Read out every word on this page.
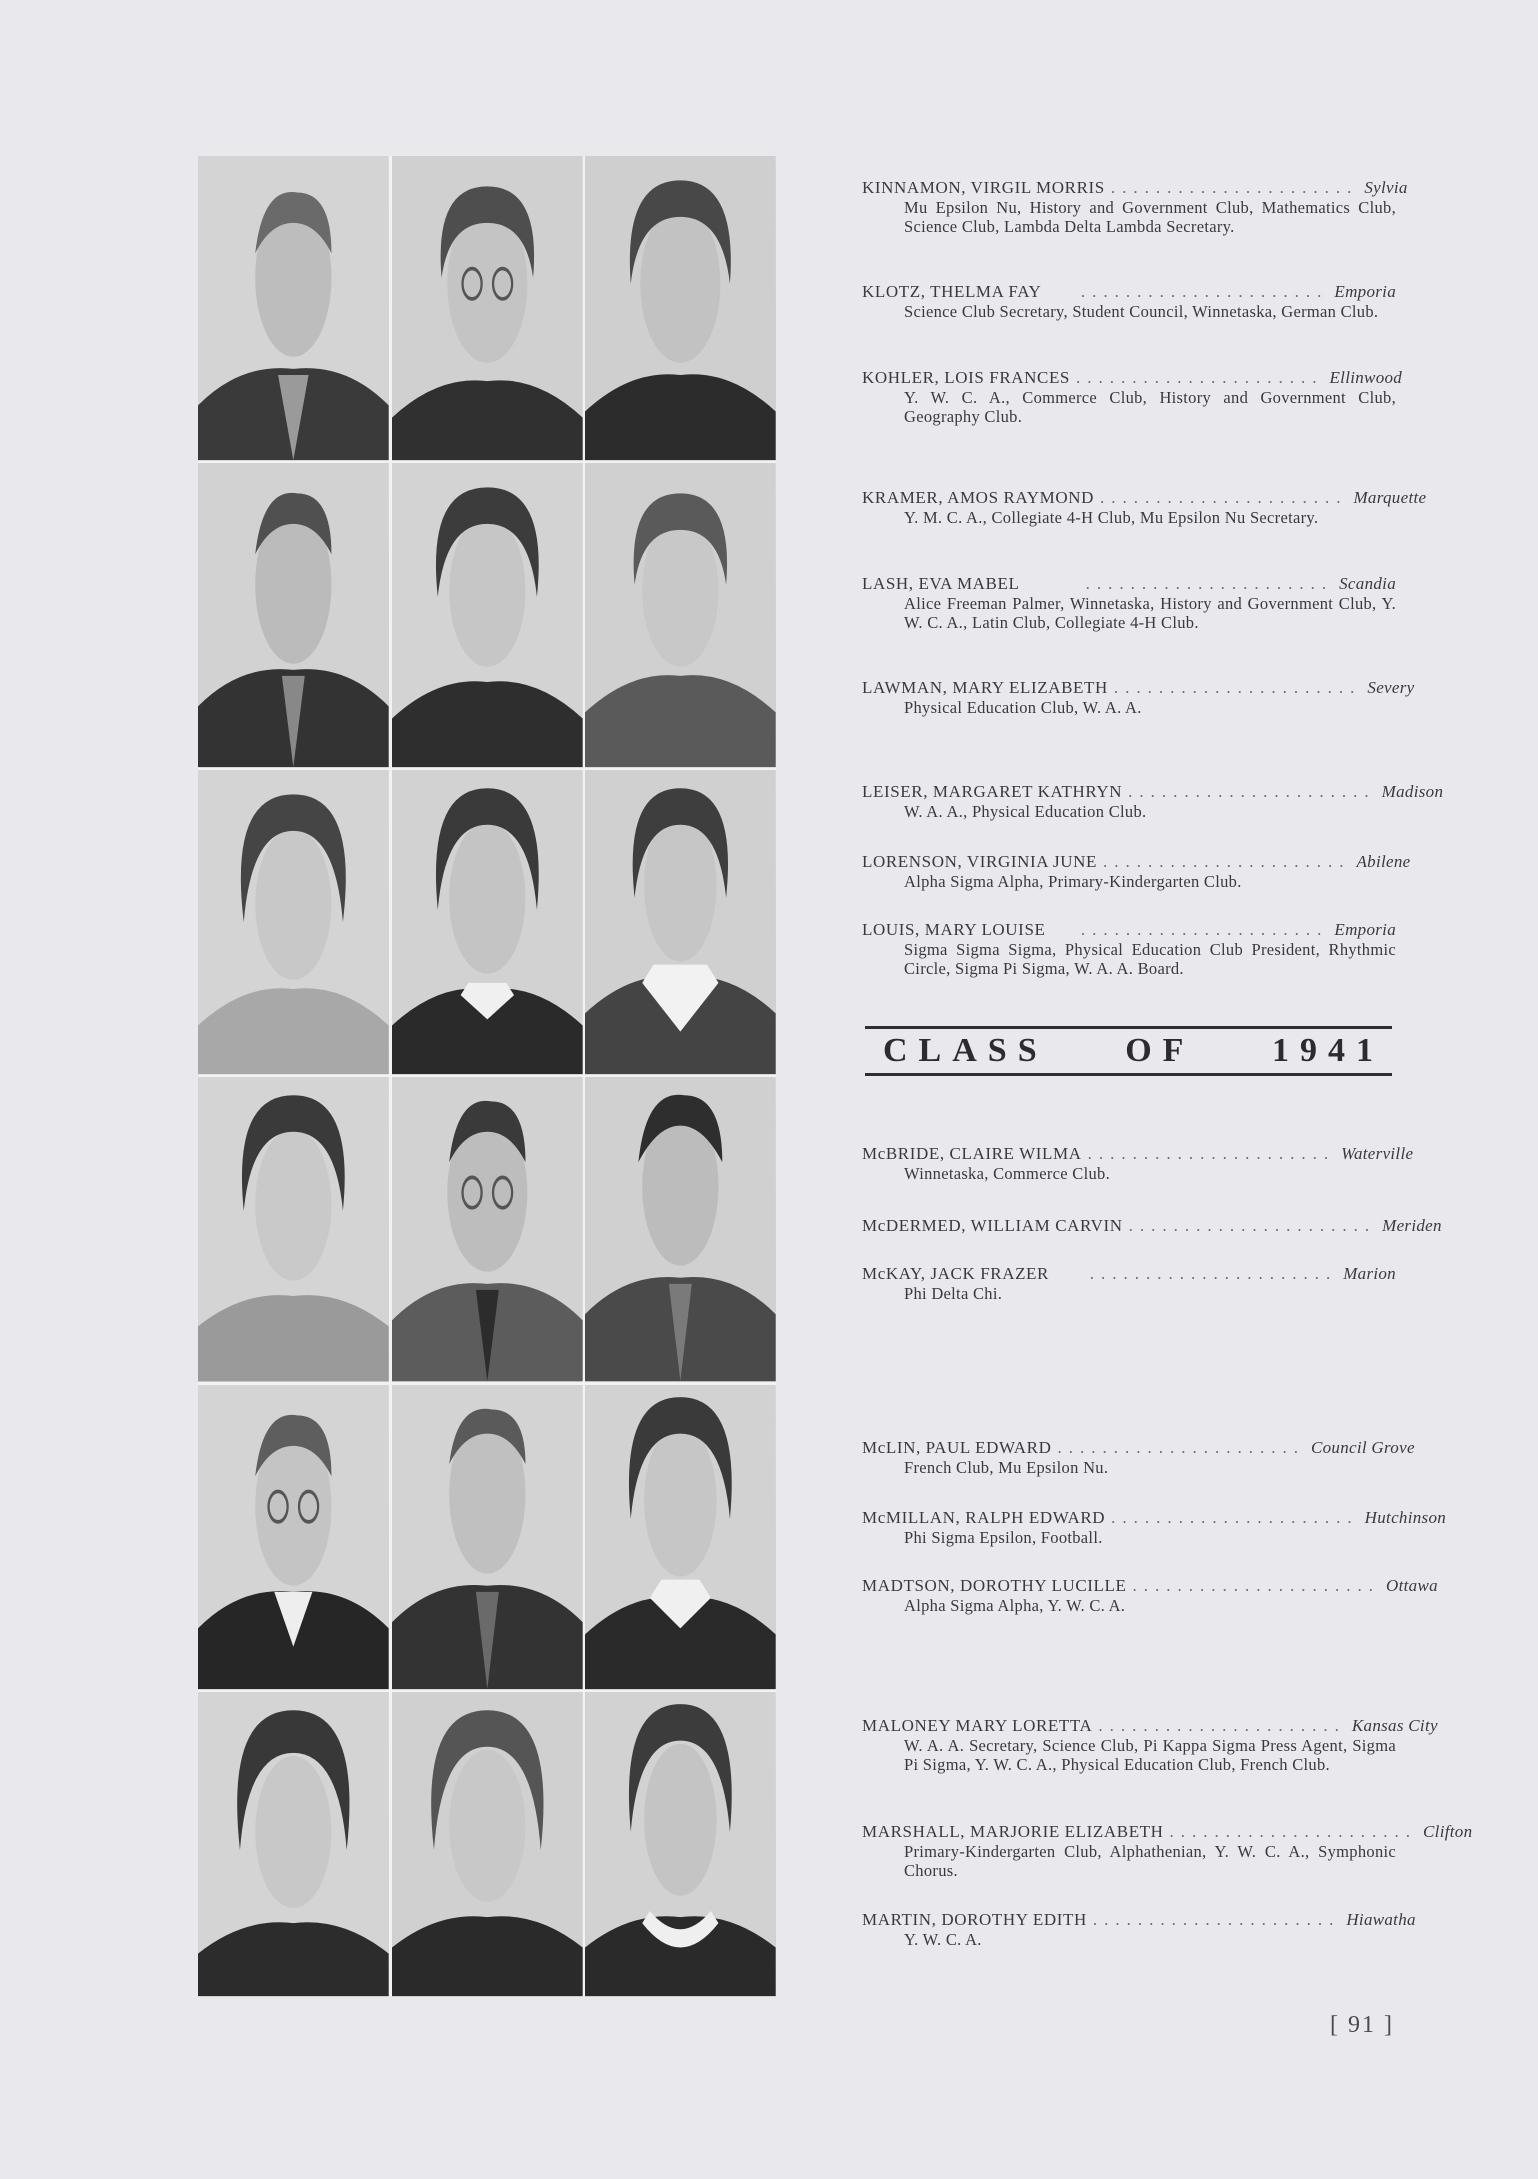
KINNAMON, VIRGIL MORRIS ...................... Sylvia
Mu Epsilon Nu, History and Government Club, Mathematics Club, Science Club, Lambda Delta Lambda Secretary.
KLOTZ, THELMA FAY	...................... Emporia
Science Club Secretary, Student Council, Winnetaska, German Club.
KOHLER, LOIS FRANCES ...................... Ellinwood
Y. W. C. A., Commerce Club, History and Government Club, Geography Club.
KRAMER, AMOS RAYMOND ...................... Marquette
Y. M. C. A., Collegiate 4-H Club, Mu Epsilon Nu Secretary.
LASH, EVA MABEL	...................... Scandia
Alice Freeman Palmer, Winnetaska, History and Government Club, Y. W. C. A., Latin Club, Collegiate 4-H Club.
LAWMAN, MARY ELIZABETH ...................... Severy
Physical Education Club, W. A. A.
LEISER, MARGARET KATHRYN ...................... Madison
W. A. A., Physical Education Club.
LORENSON, VIRGINIA JUNE ...................... Abilene
Alpha Sigma Alpha, Primary-Kindergarten Club.
LOUIS, MARY LOUISE	...................... Emporia
Sigma Sigma Sigma, Physical Education Club President, Rhythmic Circle, Sigma Pi Sigma, W. A. A. Board.
McBRIDE, CLAIRE WILMA ...................... Waterville
Winnetaska, Commerce Club.
McDERMED, WILLIAM CARVIN ...................... Meriden
McKAY, JACK FRAZER	...................... Marion
Phi Delta Chi.
McLIN, PAUL EDWARD ...................... Council Grove
French Club, Mu Epsilon Nu.
McMILLAN, RALPH EDWARD ...................... Hutchinson
Phi Sigma Epsilon, Football.
MADTSON, DOROTHY LUCILLE ...................... Ottawa
Alpha Sigma Alpha, Y. W. C. A.
MALONEY MARY LORETTA ...................... Kansas City
W. A. A. Secretary, Science Club, Pi Kappa Sigma Press Agent, Sigma Pi Sigma, Y. W. C. A., Physical Education Club, French Club.
MARSHALL, MARJORIE ELIZABETH ...................... Clifton
Primary-Kindergarten Club, Alphathenian, Y. W. C. A., Symphonic Chorus.
MARTIN, DOROTHY EDITH ...................... Hiawatha
Y. W. C. A.
CLASS OF 1941
[ 91 ]
